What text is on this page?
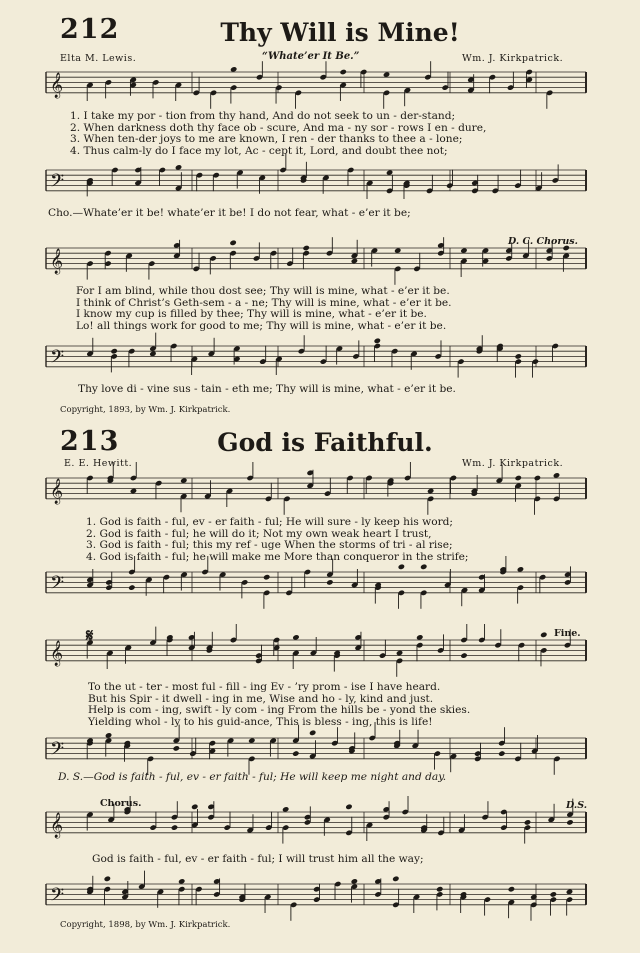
𝄞
𝄢
𝄞
𝄢
𝄞
𝄢
𝄞
𝄢
𝄞
𝄢
212	Thy Will is Mine!
Elta M. Lewis.	“Whate’er It Be.”	Wm. J. Kirkpatrick.
1. I take my por - tion from thy hand, And do not seek to un - der-stand;
2. When darkness doth thy face ob - scure, And ma - ny sor - rows I en - dure,
3. When ten-der joys to me are known, I ren - der thanks to thee a - lone;
4. Thus calm-ly do I face my lot, Ac - cept it, Lord, and doubt thee not;
Cho.—Whate’er it be! whate’er it be! I do not fear, what - e’er it be;
D. C. Chorus.
For I am blind, while thou dost see; Thy will is mine, what - e’er it be.
I think of Christ’s Geth-sem - a - ne; Thy will is mine, what - e’er it be.
I know my cup is filled by thee; Thy will is mine, what - e’er it be.
Lo! all things work for good to me; Thy will is mine, what - e’er it be.
Thy love di - vine sus - tain - eth me; Thy will is mine, what - e’er it be.
Copyright, 1893, by Wm. J. Kirkpatrick.
213	God is Faithful.
E. E. Hewitt.	Wm. J. Kirkpatrick.
1. God is faith - ful, ev - er faith - ful; He will sure - ly keep his word;
2. God is faith - ful; he will do it; Not my own weak heart I trust,
3. God is faith - ful; this my ref - uge When the storms of tri - al rise;
4. God is faith - ful; he will make me More than conqueror in the strife;
𝄋	Fine.
To the ut - ter - most ful - fill - ing Ev - ’ry prom - ise I have heard.
But his Spir - it dwell - ing in me, Wise and ho - ly, kind and just.
Help is com - ing, swift - ly com - ing From the hills be - yond the skies.
Yielding whol - ly to his guid-ance, This is bless - ing, this is life!
D. S.—God is faith - ful, ev - er faith - ful; He will keep me night and day.
Chorus.	D.S.
God is faith - ful, ev - er faith - ful; I will trust him all the way;
Copyright, 1898, by Wm. J. Kirkpatrick.
